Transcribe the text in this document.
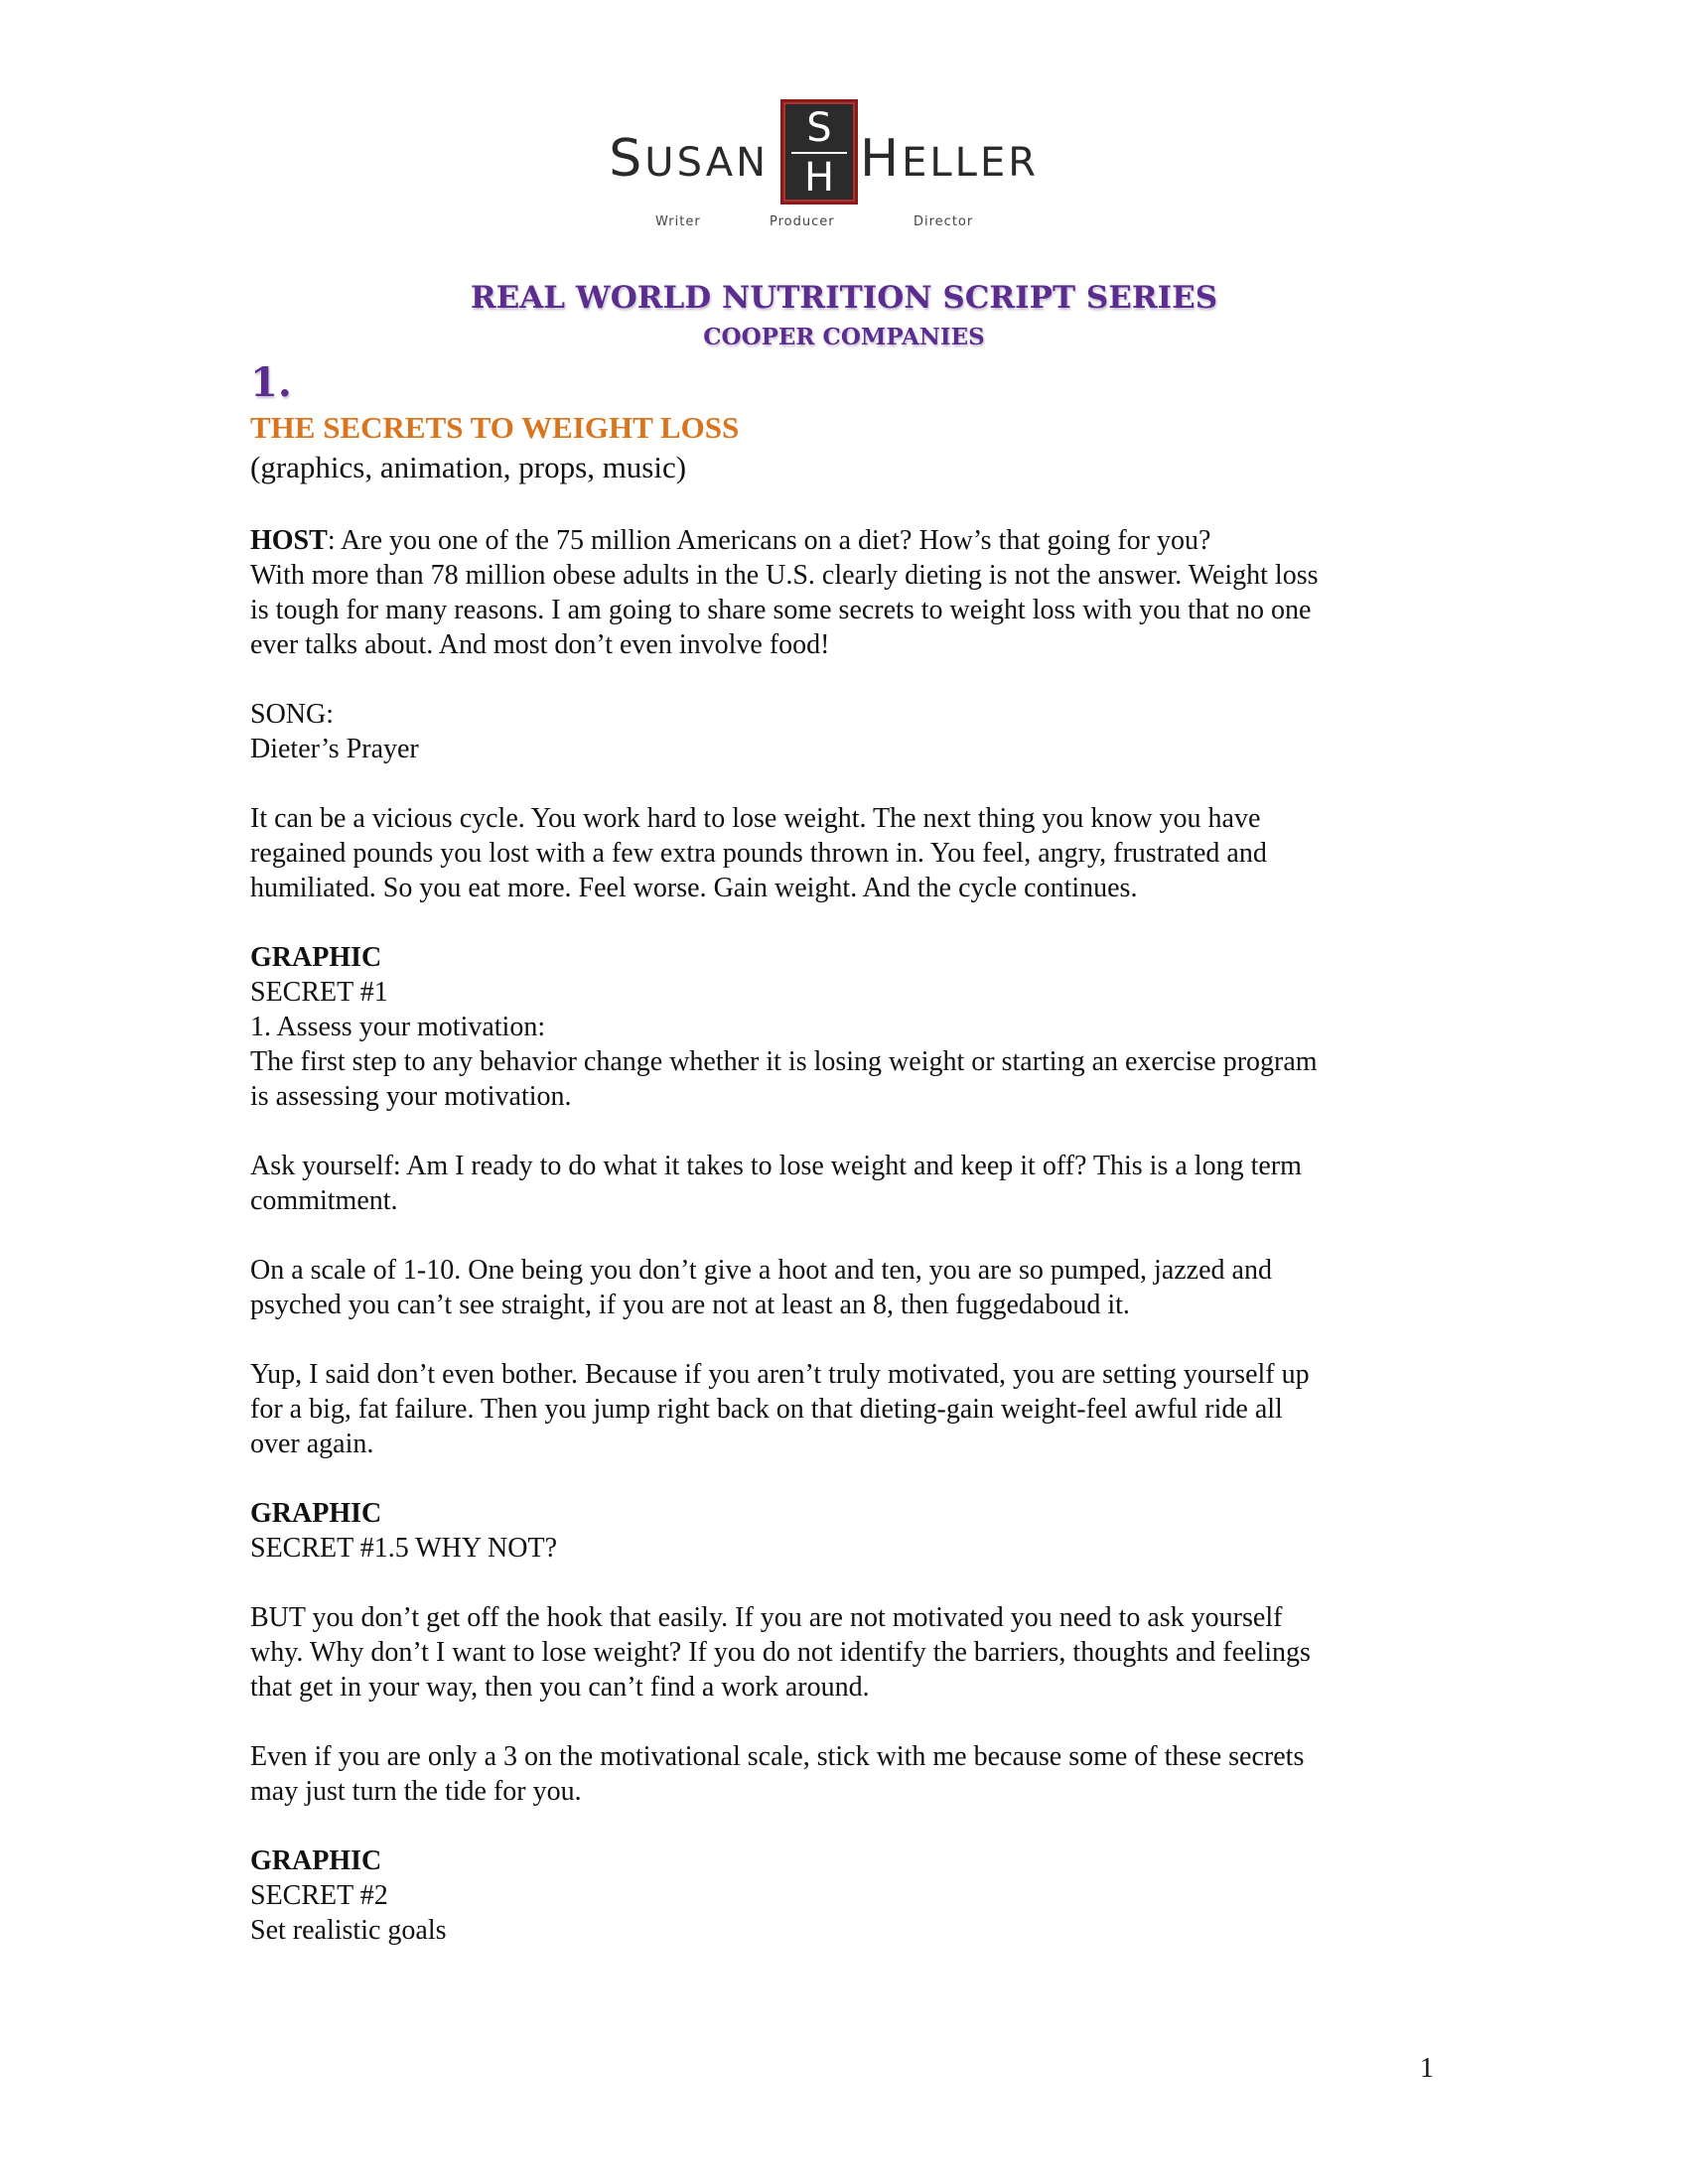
SUSAN
S
H HELLER
Writer	Producer	Director
REAL WORLD NUTRITION SCRIPT SERIES
COOPER COMPANIES
1.
THE SECRETS TO WEIGHT LOSS
(graphics, animation, props, music)
HOST: Are you one of the 75 million Americans on a diet? How’s that going for you?
With more than 78 million obese adults in the U.S. clearly dieting is not the answer. Weight loss
is tough for many reasons. I am going to share some secrets to weight loss with you that no one
ever talks about. And most don’t even involve food!
SONG:
Dieter’s Prayer
It can be a vicious cycle. You work hard to lose weight. The next thing you know you have
regained pounds you lost with a few extra pounds thrown in. You feel, angry, frustrated and
humiliated. So you eat more. Feel worse. Gain weight. And the cycle continues.
GRAPHIC
SECRET #1
1. Assess your motivation:
The first step to any behavior change whether it is losing weight or starting an exercise program
is assessing your motivation.
Ask yourself: Am I ready to do what it takes to lose weight and keep it off? This is a long term
commitment.
On a scale of 1-10. One being you don’t give a hoot and ten, you are so pumped, jazzed and
psyched you can’t see straight, if you are not at least an 8, then fuggedaboud it.
Yup, I said don’t even bother. Because if you aren’t truly motivated, you are setting yourself up
for a big, fat failure. Then you jump right back on that dieting-gain weight-feel awful ride all
over again.
GRAPHIC
SECRET #1.5 WHY NOT?
BUT you don’t get off the hook that easily. If you are not motivated you need to ask yourself
why. Why don’t I want to lose weight? If you do not identify the barriers, thoughts and feelings
that get in your way, then you can’t find a work around.
Even if you are only a 3 on the motivational scale, stick with me because some of these secrets
may just turn the tide for you.
GRAPHIC
SECRET #2
Set realistic goals
1
